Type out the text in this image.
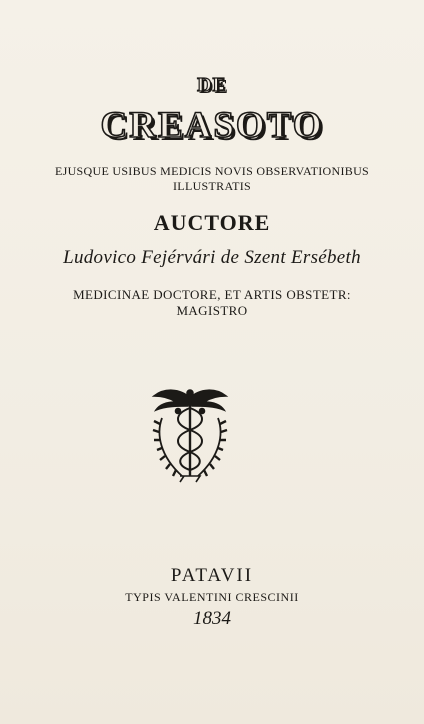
DE
CREASOTO
EJUSQUE USIBUS MEDICIS NOVIS OBSERVATIONIBUS
ILLUSTRATIS
AUCTORE
Ludovico Fejérvári de Szent Ersébeth
MEDICINAE DOCTORE, ET ARTIS OBSTETR:
MAGISTRO
PATAVII
TYPIS VALENTINI CRESCINII
1834
